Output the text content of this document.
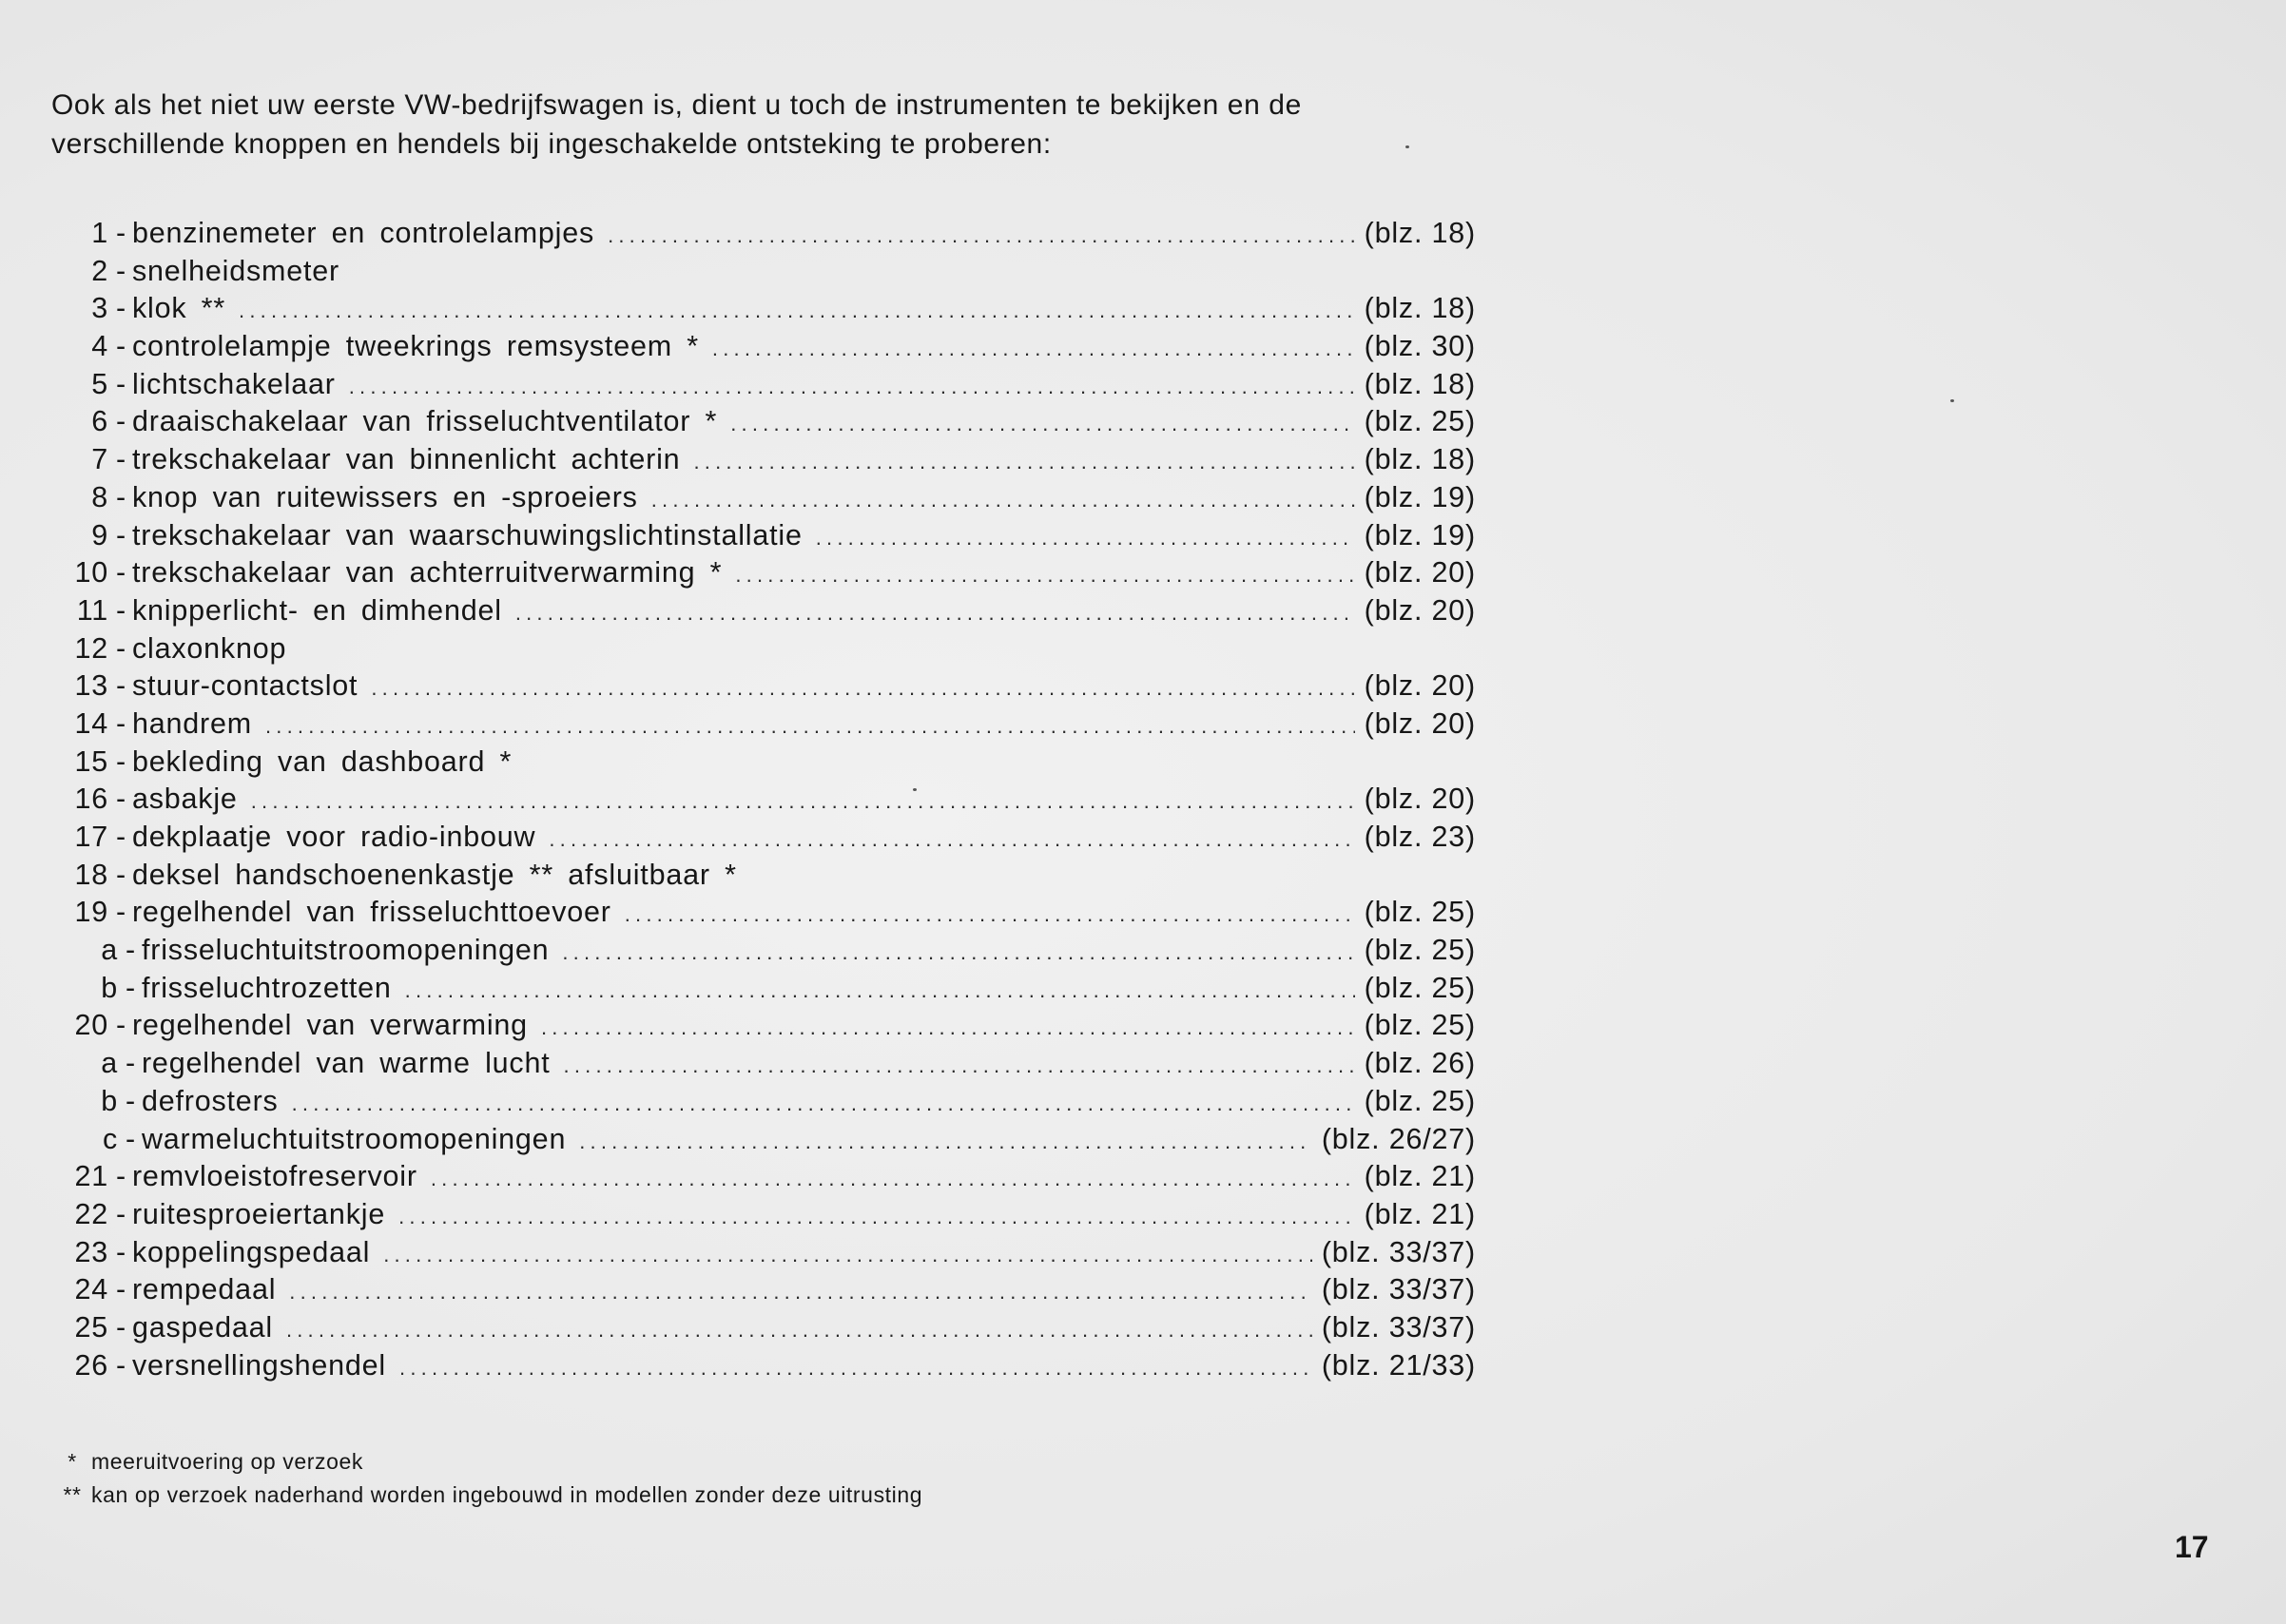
Ook als het niet uw eerste VW-bedrijfswagen is, dient u toch de instrumenten te bekijken en de

verschillende knoppen en hendels bij ingeschakelde ontsteking te proberen:

1 - benzinemeter en controlelampjes .....	(blz. 18)
2 - snelheidsmeter
3 - klok ** .....	(blz. 18)
4 - controlelampje tweekrings remsysteem * .....	(blz. 30)
5 - lichtschakelaar .....	(blz. 18)
6 - draaischakelaar van frisseluchtventilator * .....	(blz. 25)
7 - trekschakelaar van binnenlicht achterin .....	(blz. 18)
8 - knop van ruitewissers en -sproeiers .....	(blz. 19)
9 - trekschakelaar van waarschuwingslichtinstallatie .....	(blz. 19)
10 - trekschakelaar van achterruitverwarming * .....	(blz. 20)
11 - knipperlicht- en dimhendel .....	(blz. 20)
12 - claxonknop
13 - stuur-contactslot .....	(blz. 20)
14 - handrem .....	(blz. 20)
15 - bekleding van dashboard *
16 - asbakje .....	(blz. 20)
17 - dekplaatje voor radio-inbouw .....	(blz. 23)
18 - deksel handschoenenkastje ** afsluitbaar *
19 - regelhendel van frisseluchttoevoer .....	(blz. 25)
a - frisseluchtuitstroomopeningen .....	(blz. 25)
b - frisseluchtrozetten .....	(blz. 25)
20 - regelhendel van verwarming .....	(blz. 25)
a - regelhendel van warme lucht .....	(blz. 26)
b - defrosters .....	(blz. 25)
c - warmeluchtuitstroomopeningen .....	(blz. 26/27)
21 - remvloeistofreservoir .....	(blz. 21)
22 - ruitesproeiertankje .....	(blz. 21)
23 - koppelingspedaal .....	(blz. 33/37)
24 - rempedaal .....	(blz. 33/37)
25 - gaspedaal .....	(blz. 33/37)
26 - versnellingshendel .....	(blz. 21/33)
* meeruitvoering op verzoek
** kan op verzoek naderhand worden ingebouwd in modellen zonder deze uitrusting
17
